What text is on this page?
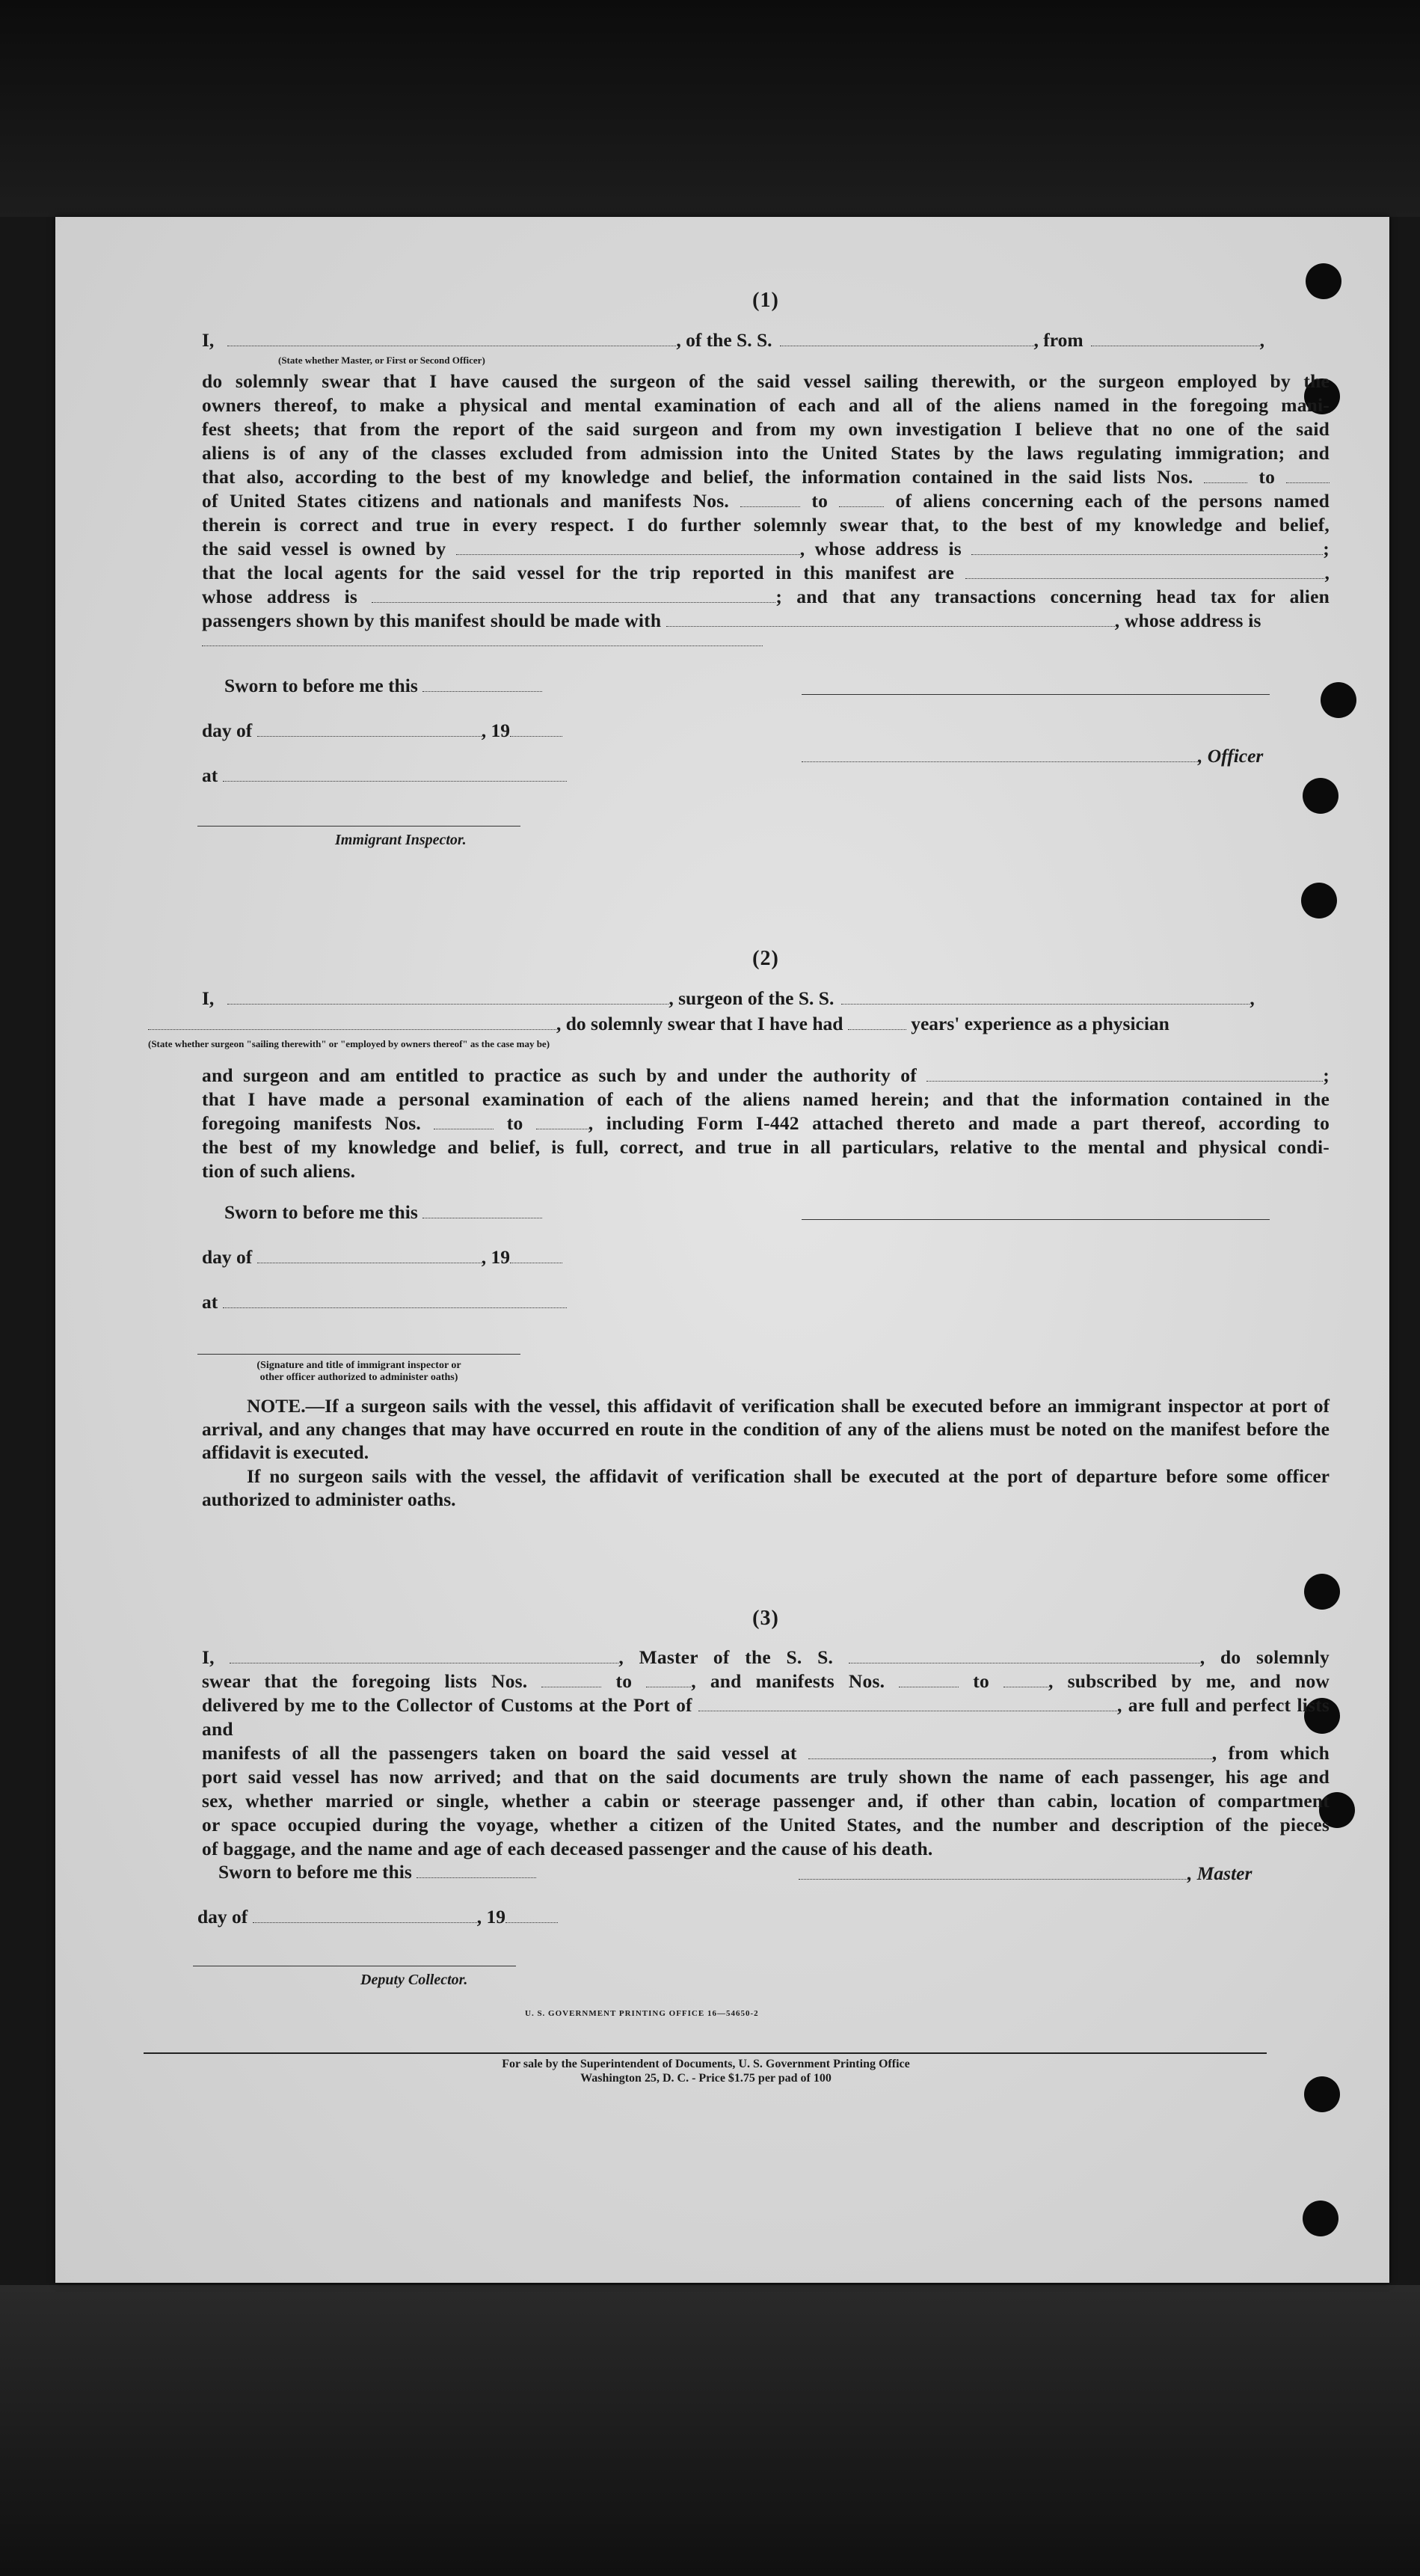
(1)
I,	, of the S. S.	, from	,
(State whether Master, or First or Second Officer)

do solemnly swear that I have caused the surgeon of the said vessel sailing therewith, or the surgeon employed by the

owners thereof, to make a physical and mental examination of each and all of the aliens named in the foregoing mani-

fest sheets; that from the report of the said surgeon and from my own investigation I believe that no one of the said

aliens is of any of the classes excluded from admission into the United States by the laws regulating immigration; and

that also, according to the best of my knowledge and belief, the information contained in the said lists Nos.	to

of United States citizens and nationals and manifests Nos.	to	of aliens concerning each of the persons named

therein is correct and true in every respect. I do further solemnly swear that, to the best of my knowledge and belief,

the said vessel is owned by	, whose address is	;

that the local agents for the said vessel for the trip reported in this manifest are	,

whose address is	; and that any transactions concerning head tax for alien

passengers shown by this manifest should be made with	, whose address is

Sworn to before me this
day of	, 19
, Officer
at
Immigrant Inspector.
(2)
I,	, surgeon of the S. S.	,
, do solemnly swear that I have had	years' experience as a physician
(State whether surgeon "sailing therewith" or "employed by owners thereof" as the case may be)

and surgeon and am entitled to practice as such by and under the authority of	;

that I have made a personal examination of each of the aliens named herein; and that the information contained in the

foregoing manifests Nos.	to	, including Form I-442 attached thereto and made a part thereof, according to

the best of my knowledge and belief, is full, correct, and true in all particulars, relative to the mental and physical condi-

tion of such aliens.

Sworn to before me this
day of	, 19
at
(Signature and title of immigrant inspector or
other officer authorized to administer oaths)
NOTE.—If a surgeon sails with the vessel, this affidavit of verification shall be executed before an immigrant inspector at port of arrival, and any changes that may have occurred en route in the condition of any of the aliens must be noted on the manifest before the affidavit is executed.
If no surgeon sails with the vessel, the affidavit of verification shall be executed at the port of departure before some officer authorized to administer oaths.
(3)

I,	, Master of the S. S.	, do solemnly

swear that the foregoing lists Nos.	to	, and manifests Nos.	to	, subscribed by me, and now

delivered by me to the Collector of Customs at the Port of	, are full and perfect lists and

manifests of all the passengers taken on board the said vessel at	, from which

port said vessel has now arrived; and that on the said documents are truly shown the name of each passenger, his age and

sex, whether married or single, whether a cabin or steerage passenger and, if other than cabin, location of compartment

or space occupied during the voyage, whether a citizen of the United States, and the number and description of the pieces

of baggage, and the name and age of each deceased passenger and the cause of his death.

Sworn to before me this	, Master
day of	, 19
Deputy Collector.
U. S. GOVERNMENT PRINTING OFFICE 16—54650-2
For sale by the Superintendent of Documents, U. S. Government Printing Office
Washington 25, D. C. - Price $1.75 per pad of 100
